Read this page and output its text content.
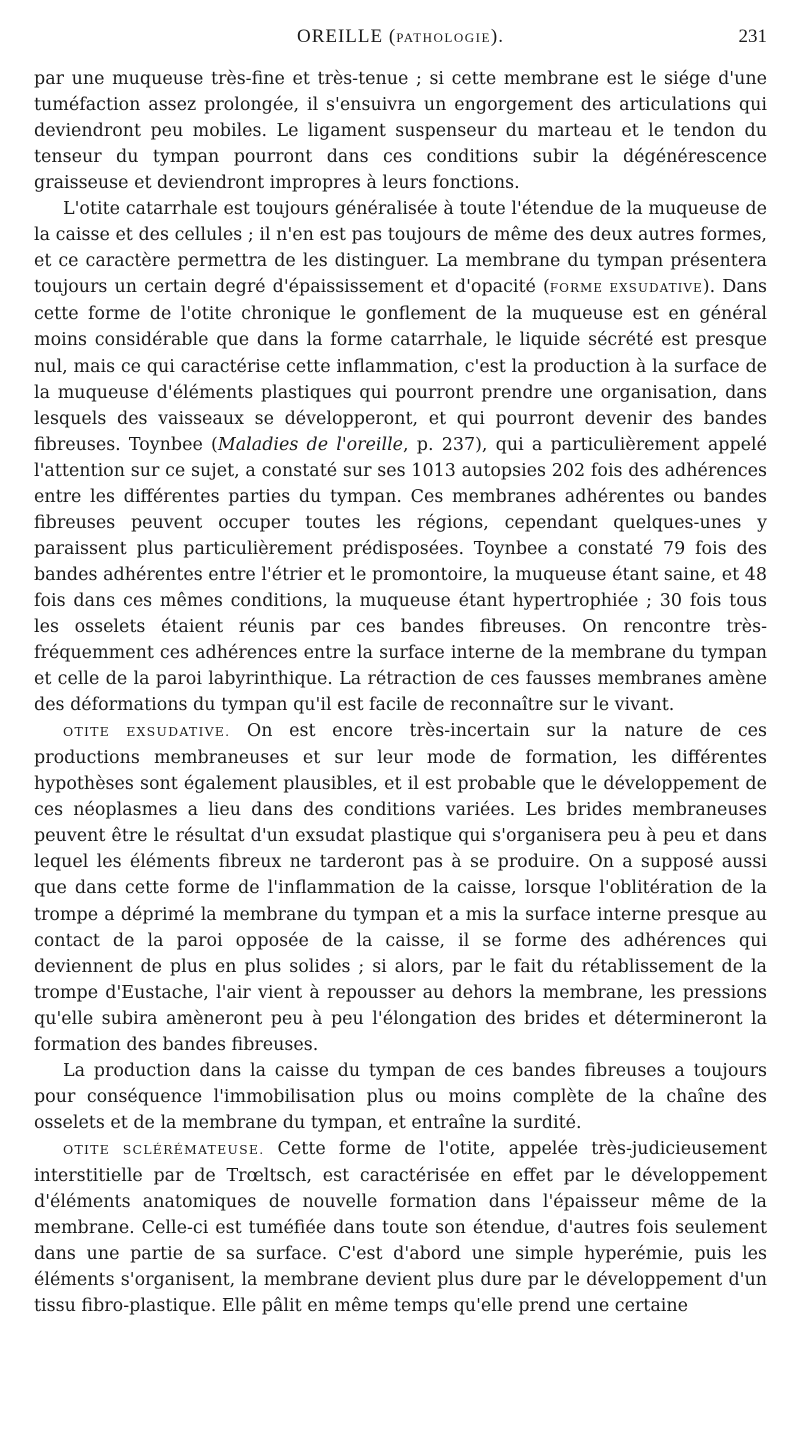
OREILLE (PATHOLOGIE).	231

par une muqueuse très-fine et très-tenue ; si cette membrane est le siége d'une tuméfaction assez prolongée, il s'ensuivra un engorgement des articulations qui deviendront peu mobiles. Le ligament suspenseur du marteau et le tendon du tenseur du tympan pourront dans ces conditions subir la dégénérescence graisseuse et deviendront impropres à leurs fonctions.

L'otite catarrhale est toujours généralisée à toute l'étendue de la muqueuse de la caisse et des cellules ; il n'en est pas toujours de même des deux autres formes, et ce caractère permettra de les distinguer. La membrane du tympan présentera toujours un certain degré d'épaississement et d'opacité (FORME EXSUDATIVE). Dans cette forme de l'otite chronique le gonflement de la muqueuse est en général moins considérable que dans la forme catarrhale, le liquide sécrété est presque nul, mais ce qui caractérise cette inflammation, c'est la production à la surface de la muqueuse d'éléments plastiques qui pourront prendre une organisation, dans lesquels des vaisseaux se développeront, et qui pourront devenir des bandes fibreuses. Toynbee (Maladies de l'oreille, p. 237), qui a particulièrement appelé l'attention sur ce sujet, a constaté sur ses 1013 autopsies 202 fois des adhérences entre les différentes parties du tympan. Ces membranes adhérentes ou bandes fibreuses peuvent occuper toutes les régions, cependant quelques-unes y paraissent plus particulièrement prédisposées. Toynbee a constaté 79 fois des bandes adhérentes entre l'étrier et le promontoire, la muqueuse étant saine, et 48 fois dans ces mêmes conditions, la muqueuse étant hypertrophiée ; 30 fois tous les osselets étaient réunis par ces bandes fibreuses. On rencontre très-fréquemment ces adhérences entre la surface interne de la membrane du tympan et celle de la paroi labyrinthique. La rétraction de ces fausses membranes amène des déformations du tympan qu'il est facile de reconnaître sur le vivant.

OTITE EXSUDATIVE. On est encore très-incertain sur la nature de ces productions membraneuses et sur leur mode de formation, les différentes hypothèses sont également plausibles, et il est probable que le développement de ces néoplasmes a lieu dans des conditions variées. Les brides membraneuses peuvent être le résultat d'un exsudat plastique qui s'organisera peu à peu et dans lequel les éléments fibreux ne tarderont pas à se produire. On a supposé aussi que dans cette forme de l'inflammation de la caisse, lorsque l'oblitération de la trompe a déprimé la membrane du tympan et a mis la surface interne presque au contact de la paroi opposée de la caisse, il se forme des adhérences qui deviennent de plus en plus solides ; si alors, par le fait du rétablissement de la trompe d'Eustache, l'air vient à repousser au dehors la membrane, les pressions qu'elle subira amèneront peu à peu l'élongation des brides et détermineront la formation des bandes fibreuses.

La production dans la caisse du tympan de ces bandes fibreuses a toujours pour conséquence l'immobilisation plus ou moins complète de la chaîne des osselets et de la membrane du tympan, et entraîne la surdité.

OTITE SCLÉRÉMATEUSE. Cette forme de l'otite, appelée très-judicieusement interstitielle par de Trœltsch, est caractérisée en effet par le développement d'éléments anatomiques de nouvelle formation dans l'épaisseur même de la membrane. Celle-ci est tuméfiée dans toute son étendue, d'autres fois seulement dans une partie de sa surface. C'est d'abord une simple hyperémie, puis les éléments s'organisent, la membrane devient plus dure par le développement d'un tissu fibro-plastique. Elle pâlit en même temps qu'elle prend une certaine
